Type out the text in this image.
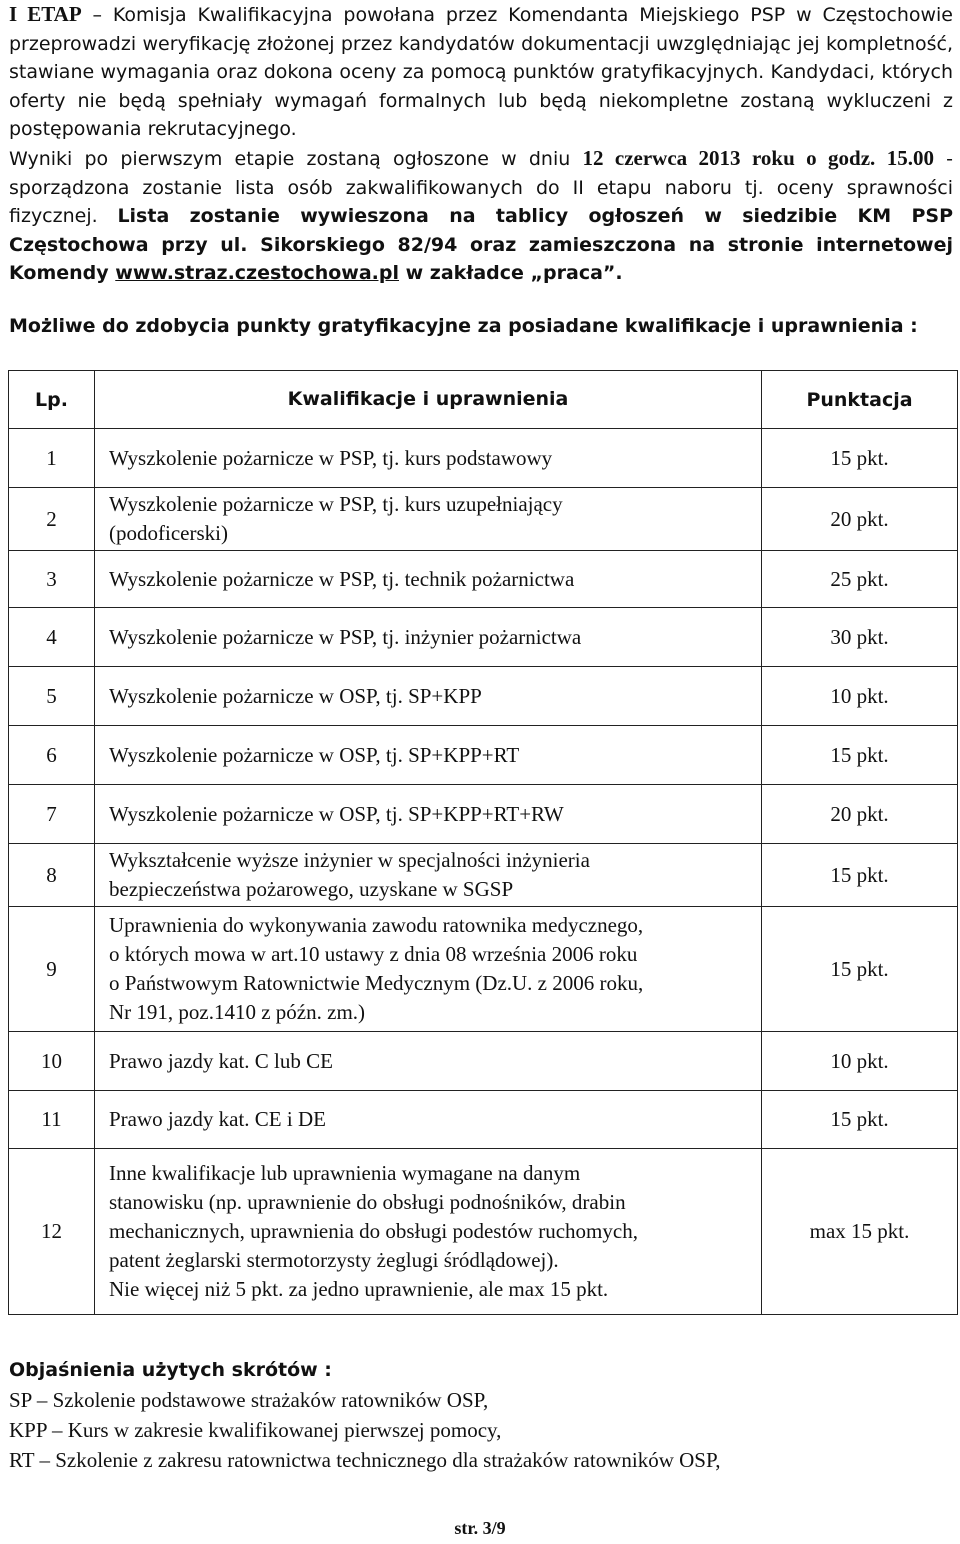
I ETAP – Komisja Kwalifikacyjna powołana przez Komendanta Miejskiego PSP w Częstochowie przeprowadzi weryfikację złożonej przez kandydatów dokumentacji uwzględniając jej kompletność, stawiane wymagania oraz dokona oceny za pomocą punktów gratyfikacyjnych. Kandydaci, których oferty nie będą spełniały wymagań formalnych lub będą niekompletne zostaną wykluczeni z postępowania rekrutacyjnego.

Wyniki po pierwszym etapie zostaną ogłoszone w dniu 12 czerwca 2013 roku o godz. 15.00 - sporządzona zostanie lista osób zakwalifikowanych do II etapu naboru tj. oceny sprawności fizycznej. Lista zostanie wywieszona na tablicy ogłoszeń w siedzibie KM PSP Częstochowa przy ul. Sikorskiego 82/94 oraz zamieszczona na stronie internetowej Komendy www.straz.czestochowa.pl w zakładce „praca”.

Możliwe do zdobycia punkty gratyfikacyjne za posiadane kwalifikacje i uprawnienia :
Lp.	Kwalifikacje i uprawnienia	Punktacja
1	Wyszkolenie pożarnicze w PSP, tj. kurs podstawowy	15 pkt.
2	Wyszkolenie pożarnicze w PSP, tj. kurs uzupełniający
(podoficerski)	20 pkt.
3	Wyszkolenie pożarnicze w PSP, tj. technik pożarnictwa	25 pkt.
4	Wyszkolenie pożarnicze w PSP, tj. inżynier pożarnictwa	30 pkt.
5	Wyszkolenie pożarnicze w OSP, tj. SP+KPP	10 pkt.
6	Wyszkolenie pożarnicze w OSP, tj. SP+KPP+RT	15 pkt.
7	Wyszkolenie pożarnicze w OSP, tj. SP+KPP+RT+RW	20 pkt.
8	Wykształcenie wyższe inżynier w specjalności inżynieria
bezpieczeństwa pożarowego, uzyskane w SGSP	15 pkt.
9	Uprawnienia do wykonywania zawodu ratownika medycznego,
o których mowa w art.10 ustawy z dnia 08 września 2006 roku
o Państwowym Ratownictwie Medycznym (Dz.U. z 2006 roku,
Nr 191, poz.1410 z późn. zm.)	15 pkt.
10	Prawo jazdy kat. C lub CE	10 pkt.
11	Prawo jazdy kat. CE i DE	15 pkt.
12	Inne kwalifikacje lub uprawnienia wymagane na danym
stanowisku (np. uprawnienie do obsługi podnośników, drabin
mechanicznych, uprawnienia do obsługi podestów ruchomych,
patent żeglarski stermotorzysty żeglugi śródlądowej).
Nie więcej niż 5 pkt. za jedno uprawnienie, ale max 15 pkt.	max 15 pkt.
Objaśnienia użytych skrótów :
SP – Szkolenie podstawowe strażaków ratowników OSP,
KPP – Kurs w zakresie kwalifikowanej pierwszej pomocy,
RT – Szkolenie z zakresu ratownictwa technicznego dla strażaków ratowników OSP,
str. 3/9
